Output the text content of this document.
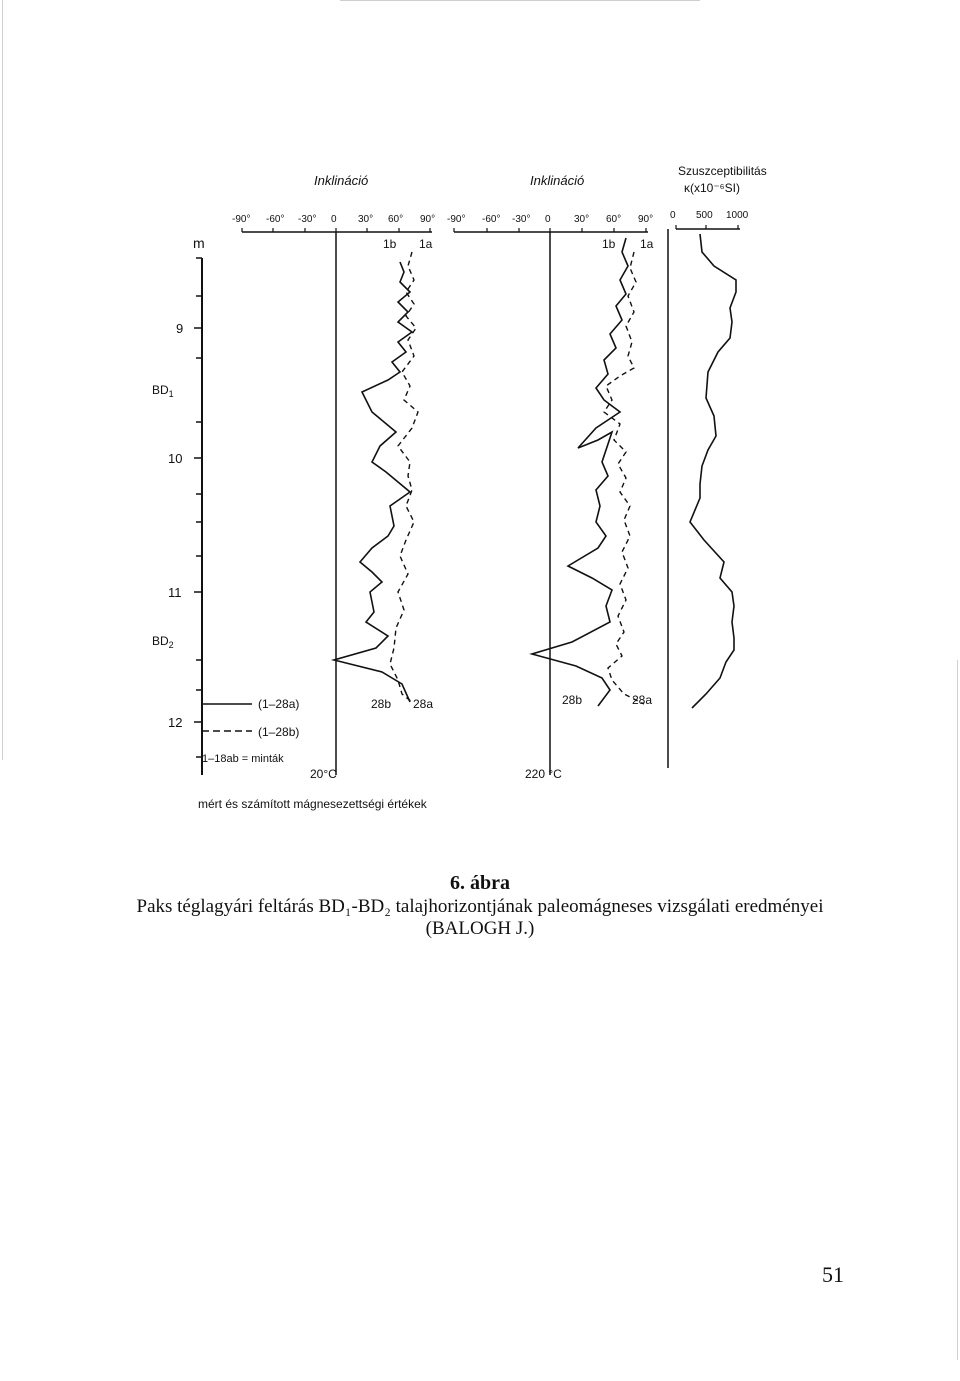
m
9
10
11
12
$BD_1$
$BD_2$
Inklináció
-90° -60° -30° 0 30° 60° 90°
1b 1a
28b 28a
20°C
Inklináció
-90° -60° -30° 0 30° 60° 90°
1b 1a
28b	28a
220 °C
Szuszceptibilitás
κ(x10⁻⁶SI)
0 500 1000
(1–28a)
(1–28b)
1–18ab = minták
mért és számított mágnesezettségi értékek
6. ábra
Paks téglagyári feltárás BD₁-BD₂ talajhorizontjának paleomágneses vizsgálati eredményei
(BALOGH J.)
51
